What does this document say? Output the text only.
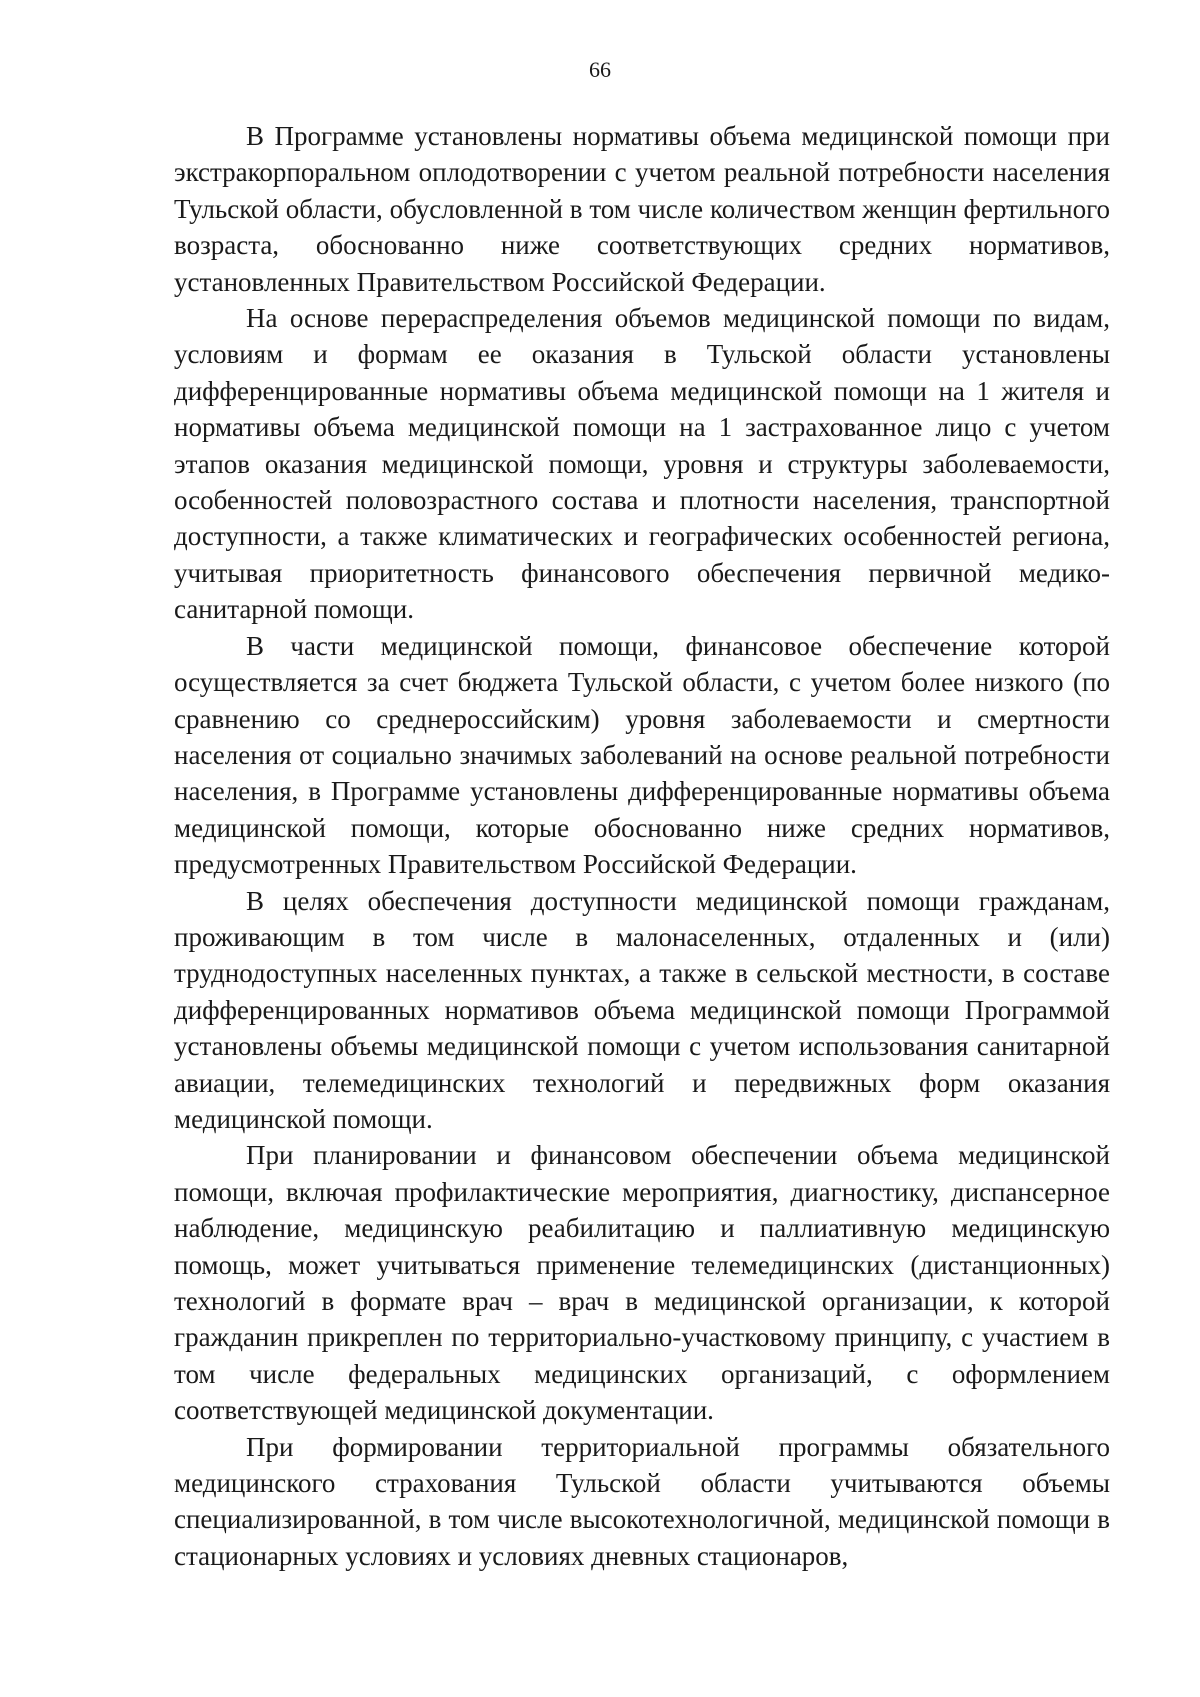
66

В Программе установлены нормативы объема медицинской помощи при экстракорпоральном оплодотворении с учетом реальной потребности населения Тульской области, обусловленной в том числе количеством женщин фертильного возраста, обоснованно ниже соответствующих средних нормативов, установленных Правительством Российской Федерации.

На основе перераспределения объемов медицинской помощи по видам, условиям и формам ее оказания в Тульской области установлены дифференцированные нормативы объема медицинской помощи на 1 жителя и нормативы объема медицинской помощи на 1 застрахованное лицо с учетом этапов оказания медицинской помощи, уровня и структуры заболеваемости, особенностей половозрастного состава и плотности населения, транспортной доступности, а также климатических и географических особенностей региона, учитывая приоритетность финансового обеспечения первичной медико-санитарной помощи.

В части медицинской помощи, финансовое обеспечение которой осуществляется за счет бюджета Тульской области, с учетом более низкого (по сравнению со среднероссийским) уровня заболеваемости и смертности населения от социально значимых заболеваний на основе реальной потребности населения, в Программе установлены дифференцированные нормативы объема медицинской помощи, которые обоснованно ниже средних нормативов, предусмотренных Правительством Российской Федерации.

В целях обеспечения доступности медицинской помощи гражданам, проживающим в том числе в малонаселенных, отдаленных и (или) труднодоступных населенных пунктах, а также в сельской местности, в составе дифференцированных нормативов объема медицинской помощи Программой установлены объемы медицинской помощи с учетом использования санитарной авиации, телемедицинских технологий и передвижных форм оказания медицинской помощи.

При планировании и финансовом обеспечении объема медицинской помощи, включая профилактические мероприятия, диагностику, диспансерное наблюдение, медицинскую реабилитацию и паллиативную медицинскую помощь, может учитываться применение телемедицинских (дистанционных) технологий в формате врач – врач в медицинской организации, к которой гражданин прикреплен по территориально-участковому принципу, с участием в том числе федеральных медицинских организаций, с оформлением соответствующей медицинской документации.

При формировании территориальной программы обязательного медицинского страхования Тульской области учитываются объемы специализированной, в том числе высокотехнологичной, медицинской помощи в стационарных условиях и условиях дневных стационаров,
